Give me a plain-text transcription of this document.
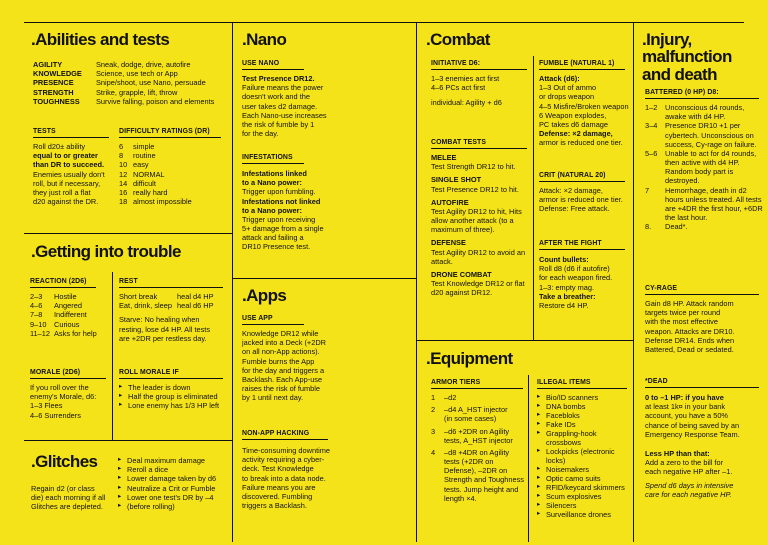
.Abilities and tests
AGILITY	Sneak, dodge, drive, autofire
KNOWLEDGE	Science, use tech or App
PRESENCE	Snipe/shoot, use Nano, persuade
STRENGTH	Strike, grapple, lift, throw
TOUGHNESS	Survive falling, poison and elements
TESTS
Roll d20± ability
equal to or greater
than DR to succeed.
Enemies usually don't
roll, but if necessary,
they just roll a flat
d20 against the DR.
DIFFICULTY RATINGS (DR)
6	simple
8	routine
10 easy
12 NORMAL
14 difficult
16 really hard
18 almost impossible
.Getting into trouble
REACTION (2D6)
2–3	Hostile
4–6	Angered
7–8	Indifferent
9–10	Curious
11–12 Asks for help
REST
Short break	heal d4 HP
Eat, drink, sleep heal d6 HP
Starve: No healing when
resting, lose d4 HP. All tests
are +2DR per restless day.
MORALE (2D6)
If you roll over the
enemy's Morale, d6:
1–3 Flees
4–6 Surrenders
ROLL MORALE IF
▸ The leader is down
▸ Half the group is eliminated
▸ Lone enemy has 1/3 HP left
.Glitches
Regain d2 (or class
die) each morning if all
Glitches are depleted.
▸ Deal maximum damage
▸ Reroll a dice
▸ Lower damage taken by d6
▸ Neutralize a Crit or Fumble
▸ Lower one test's DR by –4
▸ (before rolling)
.Nano
USE NANO
Test Presence DR12.
Failure means the power
doesn't work and the
user takes d2 damage.
Each Nano-use increases
the risk of fumble by 1
for the day.
INFESTATIONS
Infestations linked
to a Nano power:
Trigger upon fumbling.
Infestations not linked
to a Nano power:
Trigger upon receiving
5+ damage from a single
attack and failing a
DR10 Presence test.
.Apps
USE APP
Knowledge DR12 while
jacked into a Deck (+2DR
on all non-App actions).
Fumble burns the App
for the day and triggers a
Backlash. Each App-use
raises the risk of fumble
by 1 until next day.
NON-APP HACKING
Time-consuming downtime
activity requiring a cyber-
deck. Test Knowledge
to break into a data node.
Failure means you are
discovered. Fumbling
triggers a Backlash.
.Combat
INITIATIVE D6:
1–3 enemies act first
4–6 PCs act first
individual: Agility + d6
COMBAT TESTS
MELEE
Test Strength DR12 to hit.
SINGLE SHOT
Test Presence DR12 to hit.
AUTOFIRE
Test Agility DR12 to hit, Hits allow another attack (to a maximum of three).
DEFENSE
Test Agility DR12 to avoid an attack.
DRONE COMBAT
Test Knowledge DR12 or flat d20 against DR12.
FUMBLE (NATURAL 1)
Attack (d6):
1–3 Out of ammo
or drops weapon
4–5 Misfire/Broken weapon
6 Weapon explodes,
PC takes d6 damage
Defense: ×2 damage,
armor is reduced one tier.
CRIT (NATURAL 20)
Attack: ×2 damage,
armor is reduced one tier.
Defense: Free attack.
AFTER THE FIGHT
Count bullets:
Roll d8 (d6 if autofire)
for each weapon fired.
1–3: empty mag.
Take a breather:
Restore d4 HP.
.Equipment
ARMOR TIERS
1	–d2
2	–d4 A_HST injector
(in some cases)
3	–d6 +2DR on Agility
tests, A_HST injector
4	–d8 +4DR on Agility
tests (+2DR on Defense), –2DR on Strength and Toughness tests. Jump height and length ×4.
ILLEGAL ITEMS
▸ Bio/ID scanners
▸ DNA bombs
▸ Facebloks
▸ Fake IDs
▸ Grappling-hook crossbows
▸ Lockpicks (electronic locks)
▸ Noisemakers
▸ Optic camo suits
▸ RFID/keycard skimmers
▸ Scum explosives
▸ Silencers
▸ Surveillance drones
.Injury, malfunction and death
BATTERED (0 HP) D8:
1–2	Unconscious d4 rounds, awake with d4 HP.
3–4	Presence DR10 +1 per cybertech. Unconscious on success, Cy-rage on failure.
5–6	Unable to act for d4 rounds, then active with d4 HP. Random body part is destroyed.
7	Hemorrhage, death in d2 hours unless treated. All tests are +4DR the first hour, +6DR the last hour.
8.	Dead*.
CY-RAGE
Gain d8 HP. Attack random
targets twice per round
with the most effective
weapon. Attacks are DR10.
Defense DR14. Ends when
Battered, Dead or sedated.
*DEAD
0 to –1 HP: if you have
at least 1k¤ in your bank
account, you have a 50%
chance of being saved by an
Emergency Response Team.
Less HP than that:
Add a zero to the bill for
each negative HP after –1.
Spend d6 days in intensive
care for each negative HP.
